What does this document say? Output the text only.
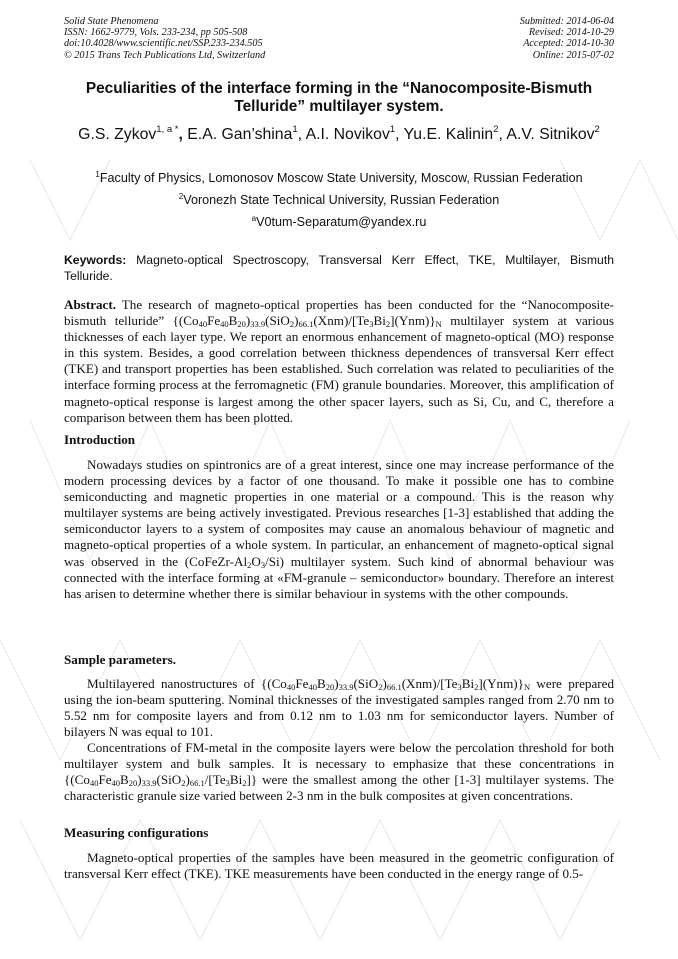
Solid State Phenomena
ISSN: 1662-9779, Vols. 233-234, pp 505-508
doi:10.4028/www.scientific.net/SSP.233-234.505
© 2015 Trans Tech Publications Ltd, Switzerland
Submitted: 2014-06-04
Revised: 2014-10-29
Accepted: 2014-10-30
Online: 2015-07-02
Peculiarities of the interface forming in the “Nanocomposite-Bismuth
Telluride” multilayer system.
G.S. Zykov$^{1, a *}$, E.A. Gan’shina$^1$, A.I. Novikov$^1$, Yu.E. Kalinin$^2$, A.V. Sitnikov$^2$
$^1$Faculty of Physics, Lomonosov Moscow State University, Moscow, Russian Federation
$^2$Voronezh State Technical University, Russian Federation
$^a$V0tum-Separatum@yandex.ru
Keywords: Magneto-optical Spectroscopy, Transversal Kerr Effect, TKE, Multilayer, Bismuth Telluride.
Abstract. The research of magneto-optical properties has been conducted for the “Nanocomposite-bismuth telluride” $\{(Co_{40}Fe_{40}B_{20})_{33.9}(SiO_2)_{66.1}(Xnm)/[Te_3Bi_2](Ynm)\}_N$ multilayer system at various thicknesses of each layer type. We report an enormous enhancement of magneto-optical (MO) response in this system. Besides, a good correlation between thickness dependences of transversal Kerr effect (TKE) and transport properties has been established. Such correlation was related to peculiarities of the interface forming process at the ferromagnetic (FM) granule boundaries. Moreover, this amplification of magneto-optical response is largest among the other spacer layers, such as Si, Cu, and C, therefore a comparison between them has been plotted.
Introduction

Nowadays studies on spintronics are of a great interest, since one may increase performance of the modern processing devices by a factor of one thousand. To make it possible one has to combine semiconducting and magnetic properties in one material or a compound. This is the reason why multilayer systems are being actively investigated. Previous researches [1-3] established that adding the semiconductor layers to a system of composites may cause an anomalous behaviour of magnetic and magneto-optical properties of a whole system. In particular, an enhancement of magneto-optical signal was observed in the $(CoFeZr-Al_2O_3/Si)$ multilayer system. Such kind of abnormal behaviour was connected with the interface forming at «FM-granule – semiconductor» boundary. Therefore an interest has arisen to determine whether there is similar behaviour in systems with the other compounds.

Sample parameters.

Multilayered nanostructures of $\{(Co_{40}Fe_{40}B_{20})_{33.9}(SiO_2)_{66.1}(Xnm)/[Te_3Bi_2](Ynm)\}_N$ were prepared using the ion-beam sputtering. Nominal thicknesses of the investigated samples ranged from 2.70 nm to 5.52 nm for composite layers and from 0.12 nm to 1.03 nm for semiconductor layers. Number of bilayers N was equal to 101.

Concentrations of FM-metal in the composite layers were below the percolation threshold for both multilayer system and bulk samples. It is necessary to emphasize that these concentrations in $\{(Co_{40}Fe_{40}B_{20})_{33.9}(SiO_2)_{66.1}/[Te_3Bi_2]\}$ were the smallest among the other [1-3] multilayer systems. The characteristic granule size varied between 2-3 nm in the bulk composites at given concentrations.

Measuring configurations

Magneto-optical properties of the samples have been measured in the geometric configuration of transversal Kerr effect (TKE). TKE measurements have been conducted in the energy range of 0.5-
